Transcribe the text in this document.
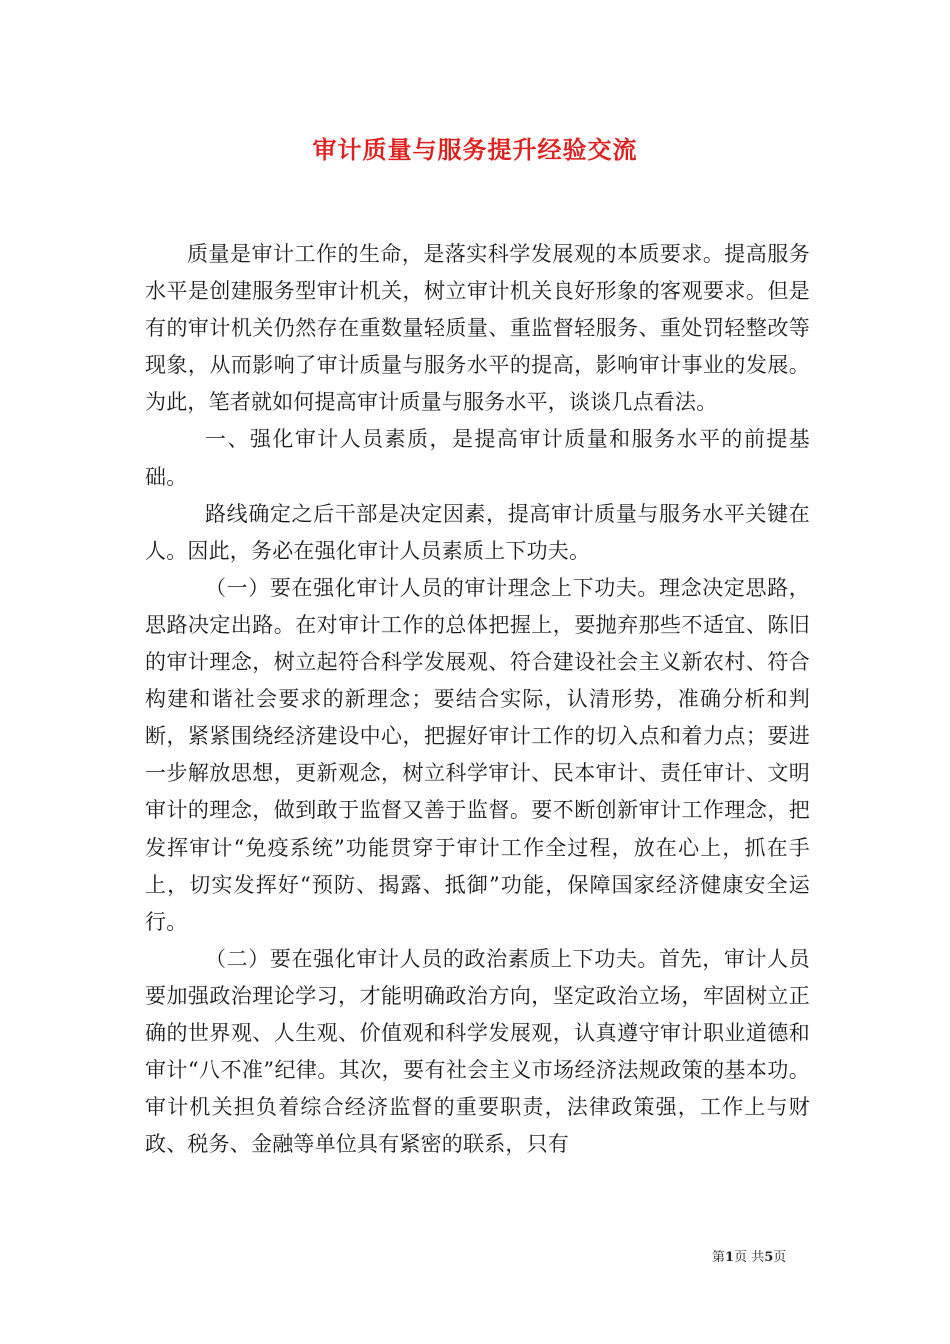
审计质量与服务提升经验交流

质量是审计工作的生命，是落实科学发展观的本质要求。提高服务水平是创建服务型审计机关，树立审计机关良好形象的客观要求。但是有的审计机关仍然存在重数量轻质量、重监督轻服务、重处罚轻整改等现象，从而影响了审计质量与服务水平的提高，影响审计事业的发展。为此，笔者就如何提高审计质量与服务水平，谈谈几点看法。

一、强化审计人员素质，是提高审计质量和服务水平的前提基础。

路线确定之后干部是决定因素，提高审计质量与服务水平关键在人。因此，务必在强化审计人员素质上下功夫。

（一）要在强化审计人员的审计理念上下功夫。理念决定思路，思路决定出路。在对审计工作的总体把握上，要抛弃那些不适宜、陈旧的审计理念，树立起符合科学发展观、符合建设社会主义新农村、符合构建和谐社会要求的新理念；要结合实际，认清形势，准确分析和判断，紧紧围绕经济建设中心，把握好审计工作的切入点和着力点；要进一步解放思想，更新观念，树立科学审计、民本审计、责任审计、文明审计的理念，做到敢于监督又善于监督。要不断创新审计工作理念，把发挥审计“免疫系统”功能贯穿于审计工作全过程，放在心上，抓在手上，切实发挥好“预防、揭露、抵御”功能，保障国家经济健康安全运行。

（二）要在强化审计人员的政治素质上下功夫。首先，审计人员要加强政治理论学习，才能明确政治方向，坚定政治立场，牢固树立正确的世界观、人生观、价值观和科学发展观，认真遵守审计职业道德和审计“八不准”纪律。其次，要有社会主义市场经济法规政策的基本功。审计机关担负着综合经济监督的重要职责，法律政策强，工作上与财政、税务、金融等单位具有紧密的联系，只有

第1页 共5页
